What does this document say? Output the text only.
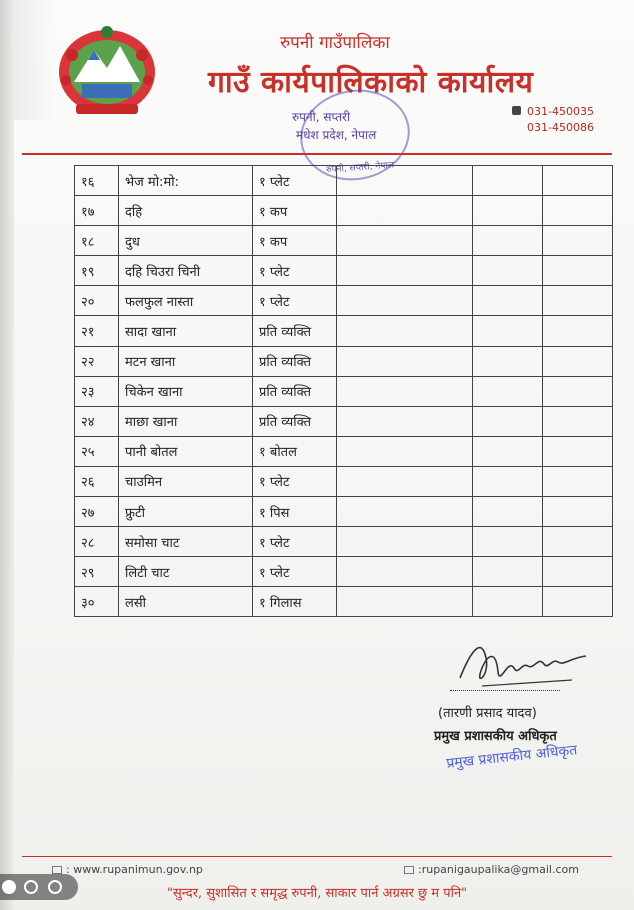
रुपनी गाउँपालिका
गाउँ कार्यपालिकाको कार्यालय
रुपनी, सप्तरी
मधेश प्रदेश, नेपाल
रुपनी, सप्तरी, नेपाल
031-450035
031-450086
१६	भेज मो:मो:	१ प्लेट			
१७	दहि	१ कप			
१८	दुध	१ कप			
१९	दहि चिउरा चिनी	१ प्लेट			
२०	फलफुल नास्ता	१ प्लेट			
२१	सादा खाना	प्रति व्यक्ति			
२२	मटन खाना	प्रति व्यक्ति			
२३	चिकेन खाना	प्रति व्यक्ति			
२४	माछा खाना	प्रति व्यक्ति			
२५	पानी बोतल	१ बोतल			
२६	चाउमिन	१ प्लेट			
२७	फ्रुटी	१ पिस			
२८	समोसा चाट	१ प्लेट			
२९	लिटी चाट	१ प्लेट			
३०	लसी	१ गिलास			
(तारणी प्रसाद यादव)
प्रमुख प्रशासकीय अधिकृत
प्रमुख प्रशासकीय अधिकृत
: www.rupanimun.gov.np	:rupanigaupalika@gmail.com
"सुन्दर, सुशासित र समृद्ध रुपनी, साकार पार्न अग्रसर छु म पनि"
